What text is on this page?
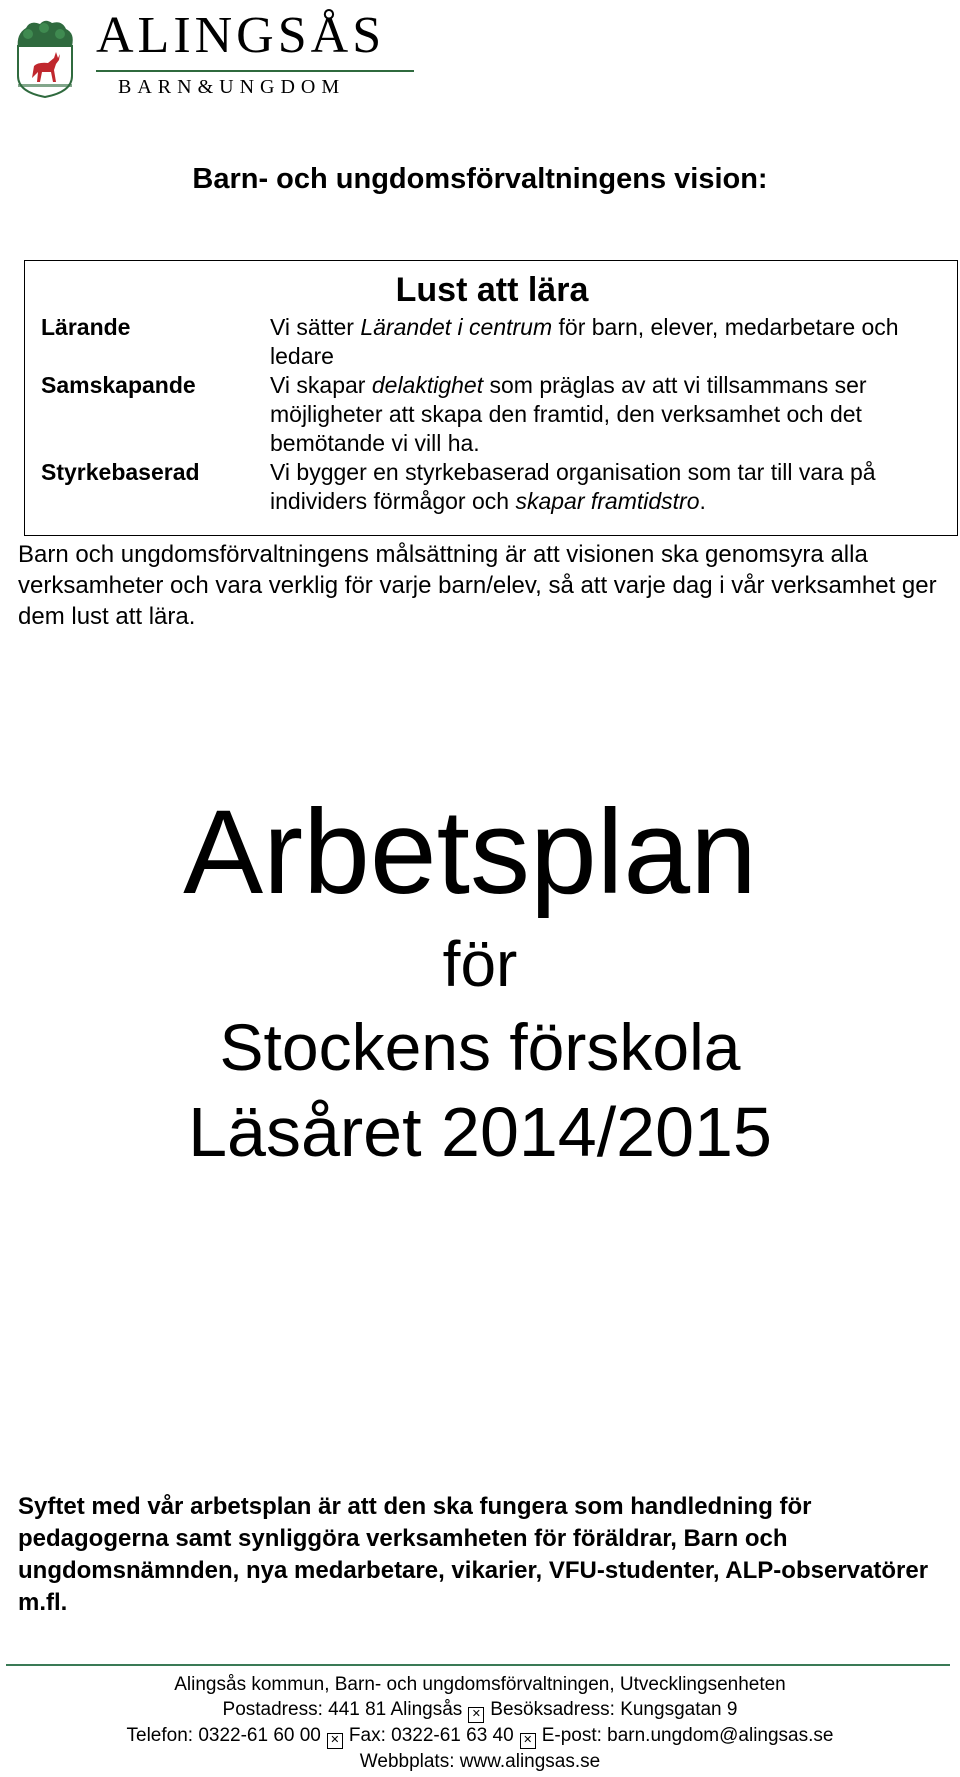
ALINGSÅS
BARN&UNGDOM
Barn- och ungdomsförvaltningens vision:
Lust att lära
Lärande	Vi sätter Lärandet i centrum för barn, elever, medarbetare och ledare
Samskapande	Vi skapar delaktighet som präglas av att vi tillsammans ser möjligheter att skapa den framtid, den verksamhet och det bemötande vi vill ha.
Styrkebaserad	Vi bygger en styrkebaserad organisation som tar till vara på individers förmågor och skapar framtidstro.
Barn och ungdomsförvaltningens målsättning är att visionen ska genomsyra alla verksamheter och vara verklig för varje barn/elev, så att varje dag i vår verksamhet ger dem lust att lära.
Arbetsplan
för
Stockens förskola
Läsåret 2014/2015
Syftet med vår arbetsplan är att den ska fungera som handledning för pedagogerna samt synliggöra verksamheten för föräldrar, Barn och ungdomsnämnden, nya medarbetare, vikarier, VFU-studenter, ALP-observatörer m.fl.
Alingsås kommun, Barn- och ungdomsförvaltningen, Utvecklingsenheten
Postadress: 441 81 Alingsås ✕ Besöksadress: Kungsgatan 9
Telefon: 0322-61 60 00 ✕ Fax: 0322-61 63 40 ✕ E-post: barn.ungdom@alingsas.se
Webbplats: www.alingsas.se
